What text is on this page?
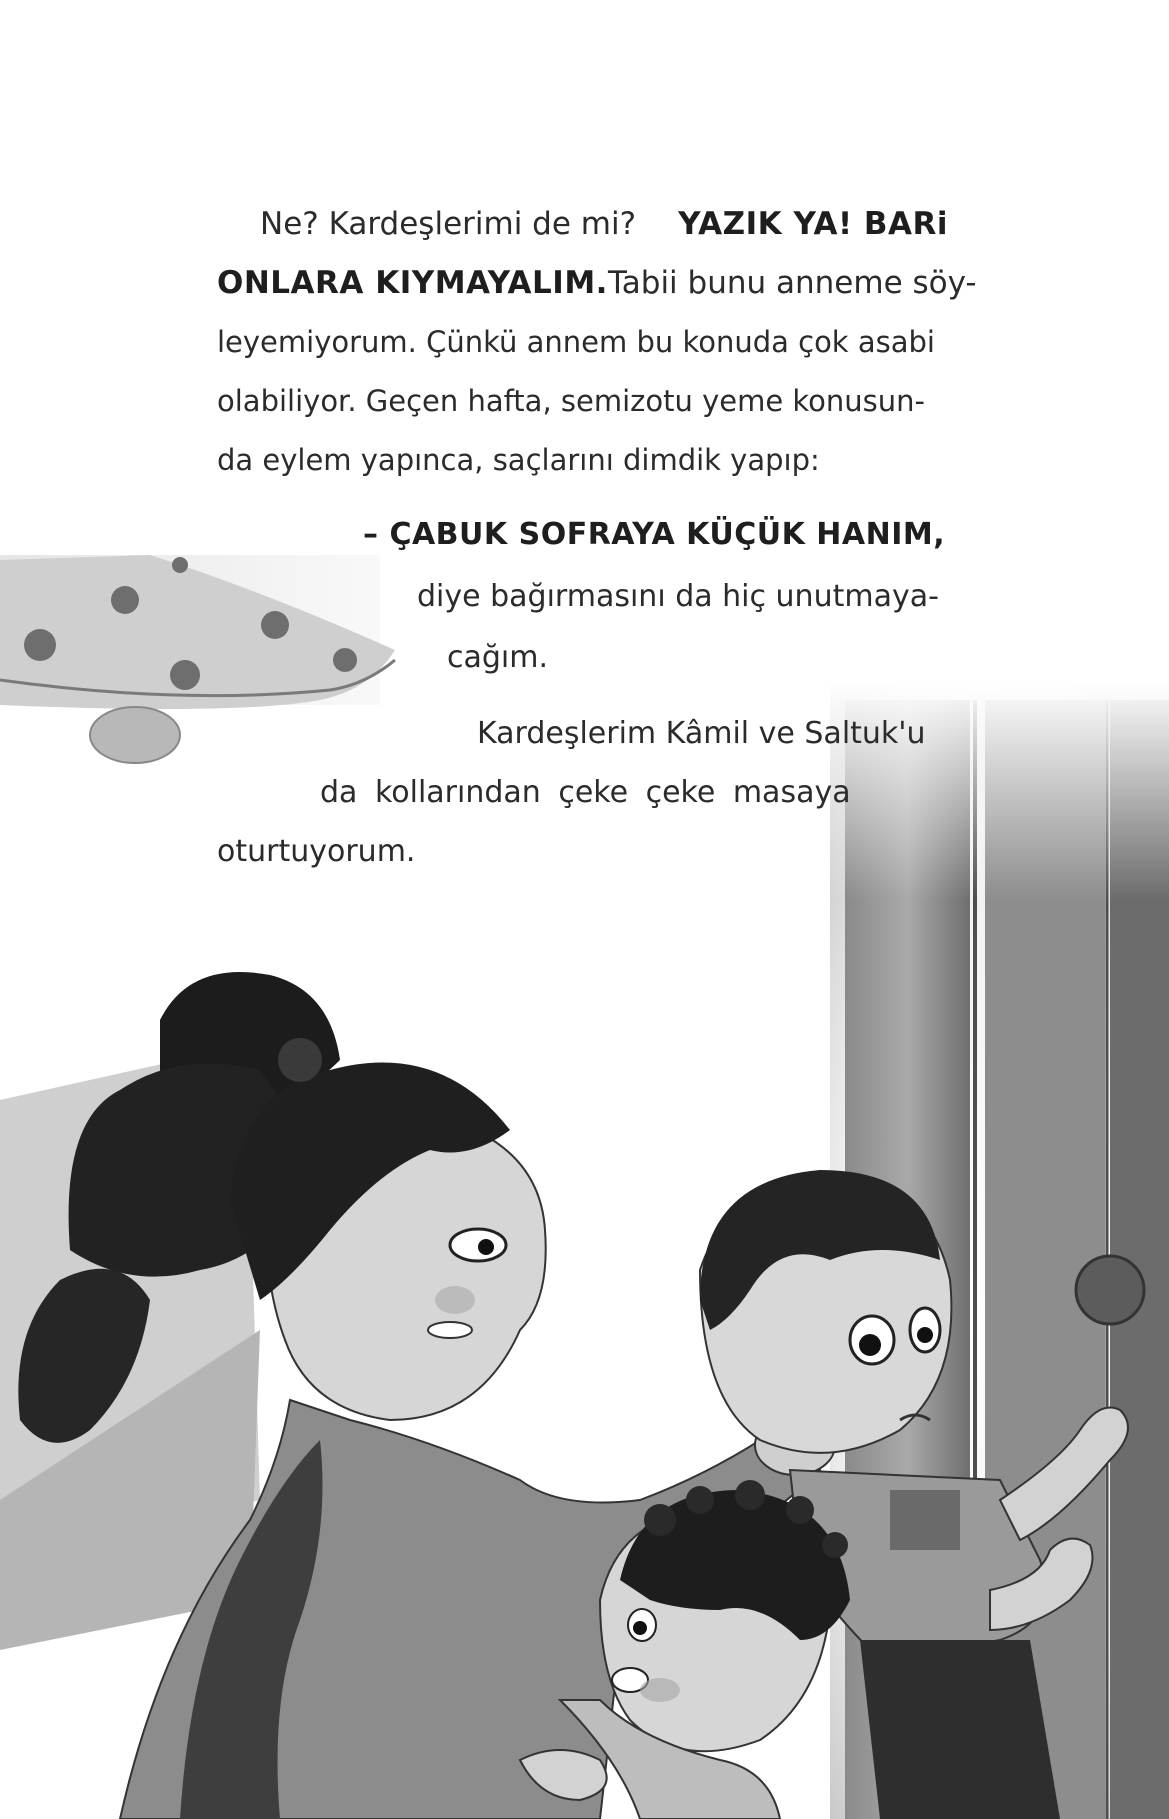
Ne? Kardeşlerimi de mi? YAZIK YA! BARi
ONLARA KIYMAYALIM. Tabii bunu anneme söy-
leyemiyorum. Çünkü annem bu konuda çok asabi
olabiliyor. Geçen hafta, semizotu yeme konusun-
da eylem yapınca, saçlarını dimdik yapıp:
– ÇABUK SOFRAYA KÜÇÜK HANIM,
diye bağırmasını da hiç unutmaya-
cağım.
Kardeşlerim Kâmil ve Saltuk'u
da kollarından çeke çeke masaya
oturtuyorum.
